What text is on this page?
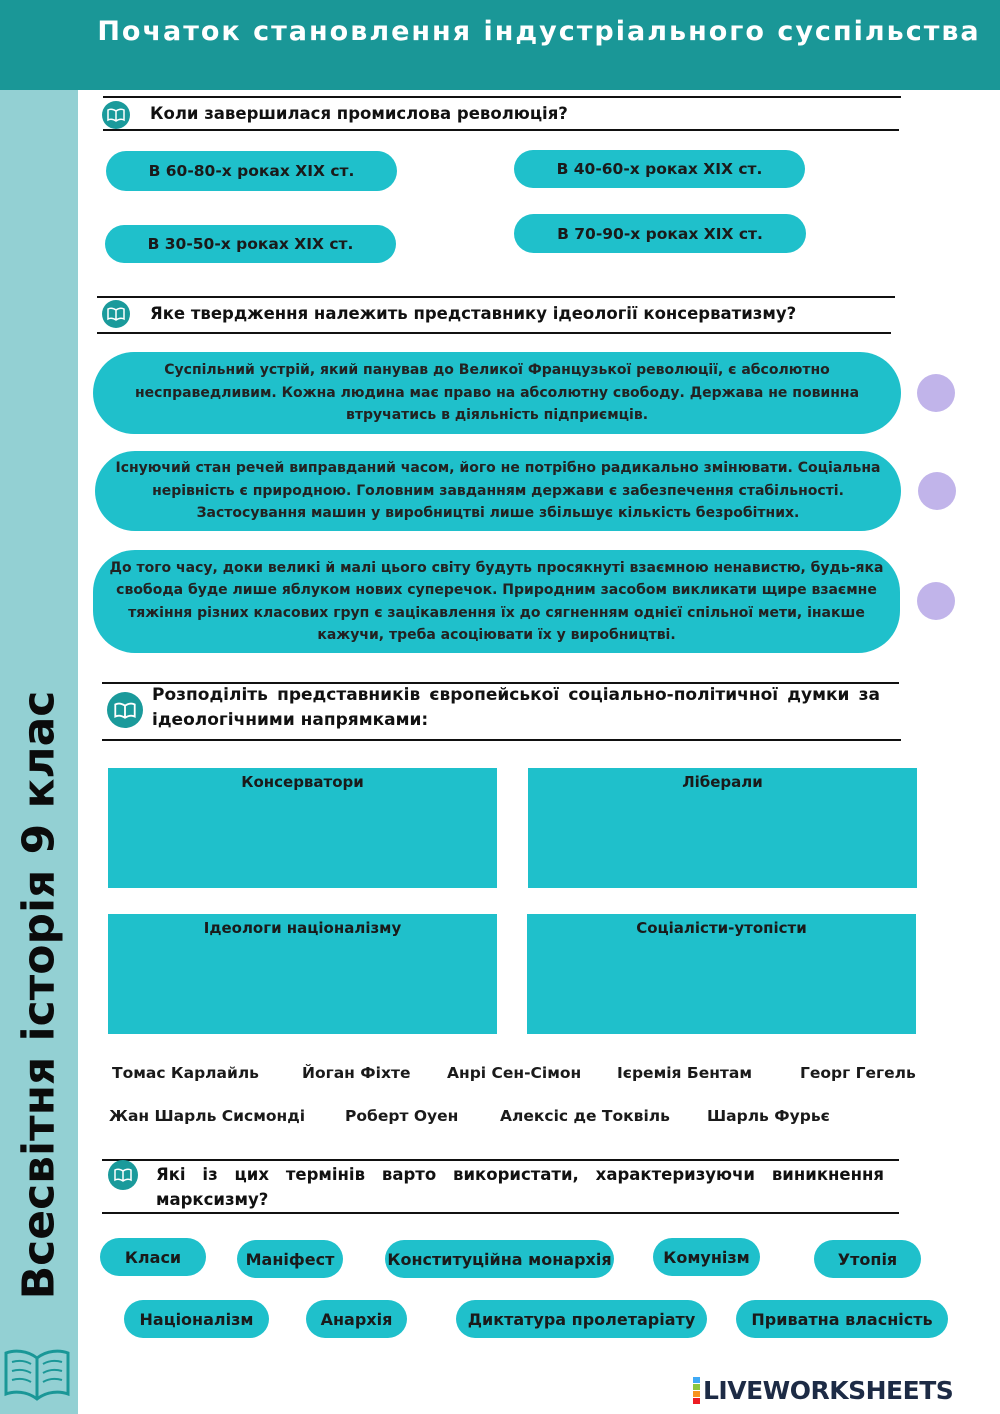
Всесвітня історія 9 клас
Початок становлення індустріального суспільства
Коли завершилася промислова революція?
В 60-80-х роках ХІХ ст.	В 40-60-х роках ХІХ ст.
В 30-50-х роках ХІХ ст.
В 70-90-х роках ХІХ ст.
Яке твердження належить представнику ідеології консерватизму?
Суспільний устрій, який панував до Великої Французької революції, є абсолютно несправедливим. Кожна людина має право на абсолютну свободу. Держава не повинна втручатись в діяльність підприємців.
Існуючий стан речей виправданий часом, його не потрібно радикально змінювати. Соціальна нерівність є природною. Головним завданням держави є забезпечення стабільності. Застосування машин у виробництві лише збільшує кількість безробітних.
До того часу, доки великі й малі цього світу будуть просякнуті взаємною ненавистю, будь-яка свобода буде лише яблуком нових суперечок. Природним засобом викликати щире взаємне тяжіння різних класових груп є зацікавлення їх до сягненням однієї спільної мети, інакше кажучи, треба асоціювати їх у виробництві.
Розподіліть представників європейської соціально-політичної думки за ідеологічними напрямками:
Консерватори	Ліберали
Ідеологи націоналізму	Соціалісти-утопісти
Томас Карлайль	Йоган Фіхте Анрі Сен-Сімон Ієремія Бентам	Георг Гегель
Жан Шарль Сисмонді	Роберт Оуен	Алексіс де Токвіль Шарль Фурьє
Які із цих термінів варто використати, характеризуючи виникнення марксизму?
Класи	Маніфест	Конституційна монархія	Комунізм	Утопія
Націоналізм	Анархія	Диктатура пролетаріату	Приватна власність
LIVEWORKSHEETS
